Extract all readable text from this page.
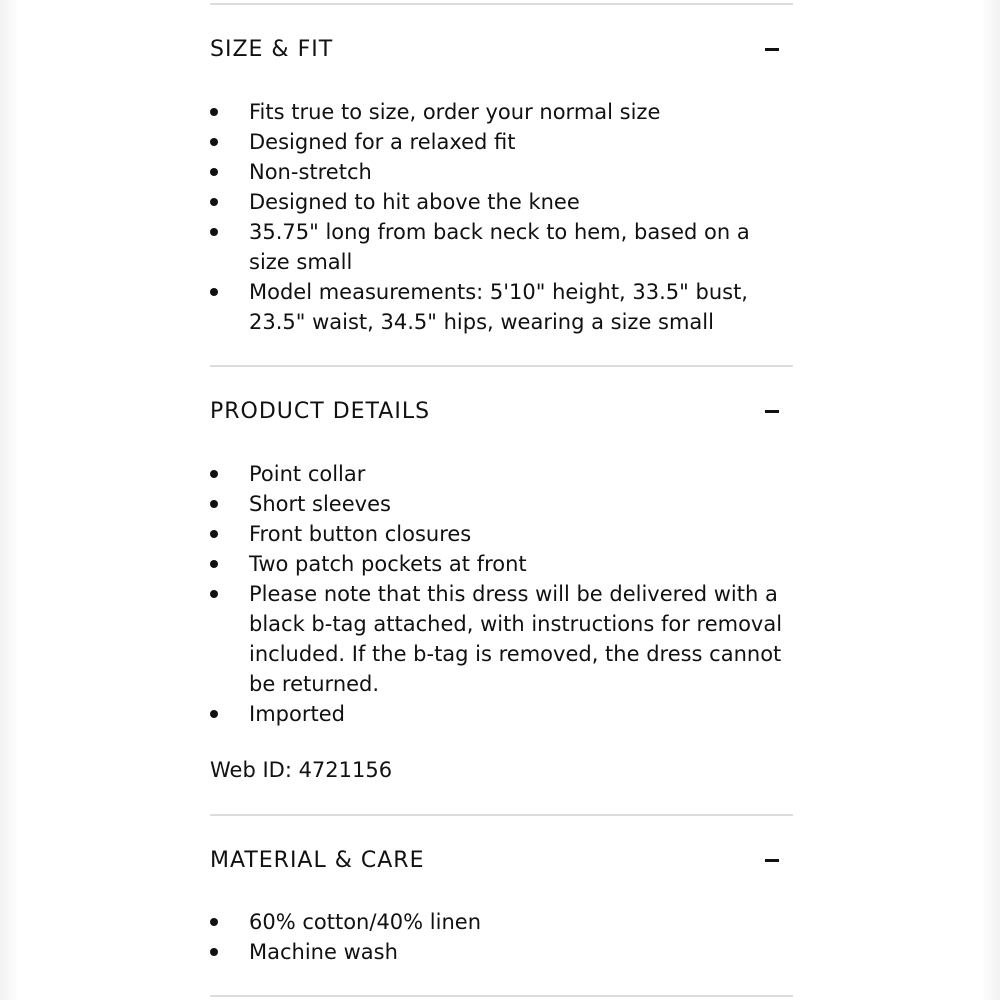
SIZE & FIT
Fits true to size, order your normal size
Designed for a relaxed fit
Non-stretch
Designed to hit above the knee
35.75" long from back neck to hem, based on a
size small
Model measurements: 5'10" height, 33.5" bust,
23.5" waist, 34.5" hips, wearing a size small
PRODUCT DETAILS
Point collar
Short sleeves
Front button closures
Two patch pockets at front
Please note that this dress will be delivered with a
black b-tag attached, with instructions for removal
included. If the b-tag is removed, the dress cannot
be returned.
Imported
Web ID: 4721156
MATERIAL & CARE
60% cotton/40% linen
Machine wash
